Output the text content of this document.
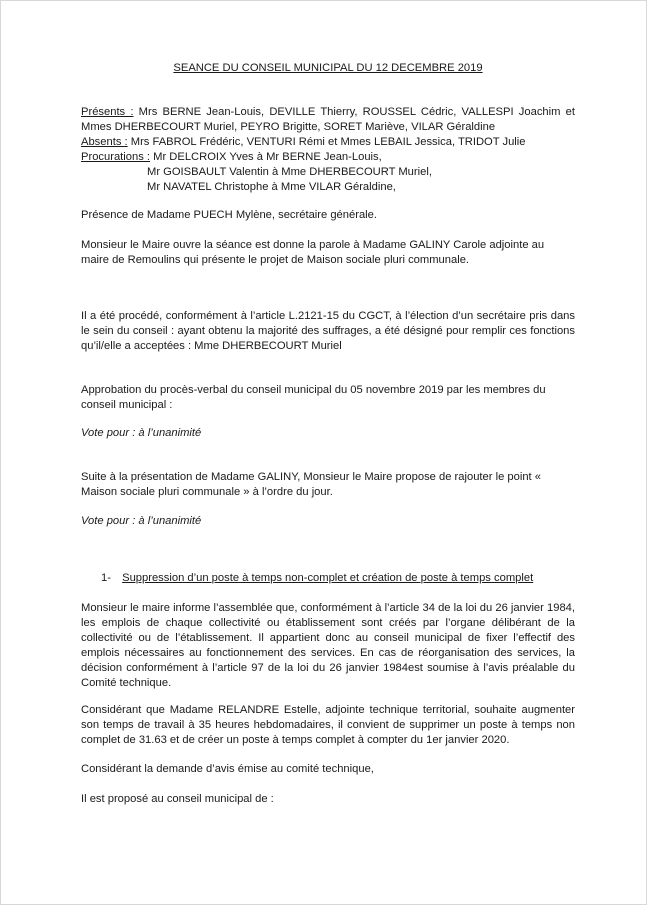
SEANCE DU CONSEIL MUNICIPAL DU 12 DECEMBRE 2019
Présents : Mrs BERNE Jean-Louis, DEVILLE Thierry, ROUSSEL Cédric, VALLESPI Joachim et Mmes DHERBECOURT Muriel, PEYRO Brigitte, SORET Mariève, VILAR Géraldine
Absents : Mrs FABROL Frédéric, VENTURI Rémi et Mmes LEBAIL Jessica, TRIDOT Julie
Procurations : Mr DELCROIX Yves à Mr BERNE Jean-Louis,
Mr GOISBAULT Valentin à Mme DHERBECOURT Muriel,
Mr NAVATEL Christophe à Mme VILAR Géraldine,
Présence de Madame PUECH Mylène, secrétaire générale.
Monsieur le Maire ouvre la séance est donne la parole à Madame GALINY Carole adjointe au maire de Remoulins qui présente le projet de Maison sociale pluri communale.
Il a été procédé, conformément à l’article L.2121-15 du CGCT, à l’élection d’un secrétaire pris dans le sein du conseil : ayant obtenu la majorité des suffrages, a été désigné pour remplir ces fonctions qu’il/elle a acceptées : Mme DHERBECOURT Muriel
Approbation du procès-verbal du conseil municipal du 05 novembre 2019 par les membres du conseil municipal :
Vote pour : à l’unanimité
Suite à la présentation de Madame GALINY, Monsieur le Maire propose de rajouter le point « Maison sociale pluri communale » à l’ordre du jour.
Vote pour : à l’unanimité
1- Suppression d’un poste à temps non-complet et création de poste à temps complet
Monsieur le maire informe l’assemblée que, conformément à l’article 34 de la loi du 26 janvier 1984, les emplois de chaque collectivité ou établissement sont créés par l’organe délibérant de la collectivité ou de l’établissement. Il appartient donc au conseil municipal de fixer l’effectif des emplois nécessaires au fonctionnement des services. En cas de réorganisation des services, la décision conformément à l’article 97 de la loi du 26 janvier 1984est soumise à l’avis préalable du Comité technique.
Considérant que Madame RELANDRE Estelle, adjointe technique territorial, souhaite augmenter son temps de travail à 35 heures hebdomadaires, il convient de supprimer un poste à temps non complet de 31.63 et de créer un poste à temps complet à compter du 1er janvier 2020.
Considérant la demande d’avis émise au comité technique,
Il est proposé au conseil municipal de :
